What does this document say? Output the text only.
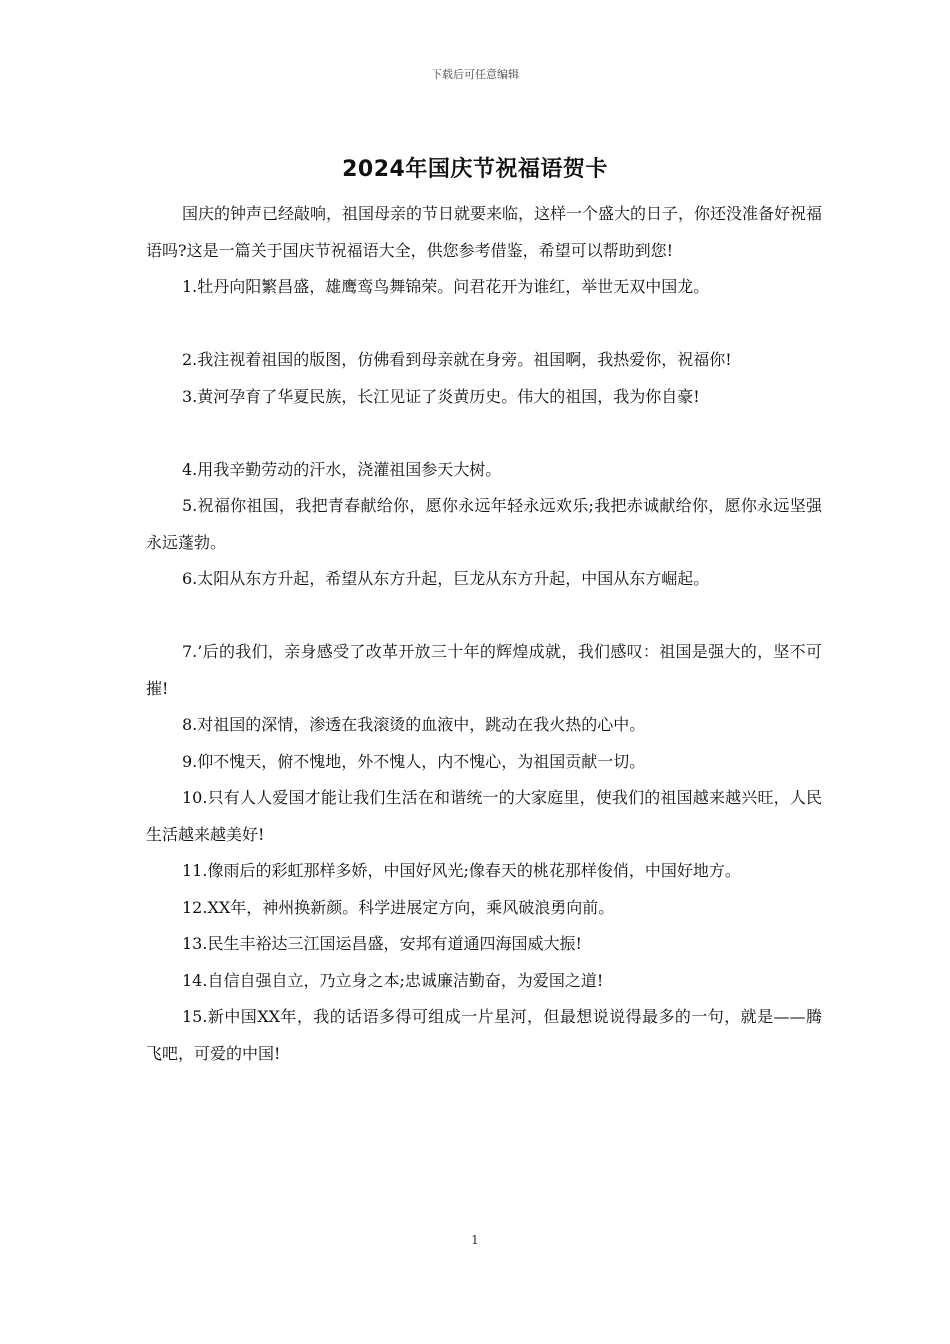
下载后可任意编辑
2024年国庆节祝福语贺卡

国庆的钟声已经敲响，祖国母亲的节日就要来临，这样一个盛大的日子，你还没准备好祝福语吗?这是一篇关于国庆节祝福语大全，供您参考借鉴，希望可以帮助到您!

1.牡丹向阳繁昌盛，雄鹰鸾鸟舞锦荣。问君花开为谁红，举世无双中国龙。

2.我注视着祖国的版图，仿佛看到母亲就在身旁。祖国啊，我热爱你，祝福你!

3.黄河孕育了华夏民族，长江见证了炎黄历史。伟大的祖国，我为你自豪!

4.用我辛勤劳动的汗水，浇灌祖国参天大树。

5.祝福你祖国，我把青春献给你，愿你永远年轻永远欢乐;我把赤诚献给你，愿你永远坚强永远蓬勃。

6.太阳从东方升起，希望从东方升起，巨龙从东方升起，中国从东方崛起。

7.’后的我们，亲身感受了改革开放三十年的辉煌成就，我们感叹：祖国是强大的，坚不可摧!

8.对祖国的深情，渗透在我滚烫的血液中，跳动在我火热的心中。

9.仰不愧天，俯不愧地，外不愧人，内不愧心，为祖国贡献一切。

10.只有人人爱国才能让我们生活在和谐统一的大家庭里，使我们的祖国越来越兴旺，人民生活越来越美好!

11.像雨后的彩虹那样多娇，中国好风光;像春天的桃花那样俊俏，中国好地方。

12.XX年，神州换新颜。科学进展定方向，乘风破浪勇向前。

13.民生丰裕达三江国运昌盛，安邦有道通四海国威大振!

14.自信自强自立，乃立身之本;忠诚廉洁勤奋，为爱国之道!

15.新中国XX年，我的话语多得可组成一片星河，但最想说说得最多的一句，就是——腾飞吧，可爱的中国!

1
